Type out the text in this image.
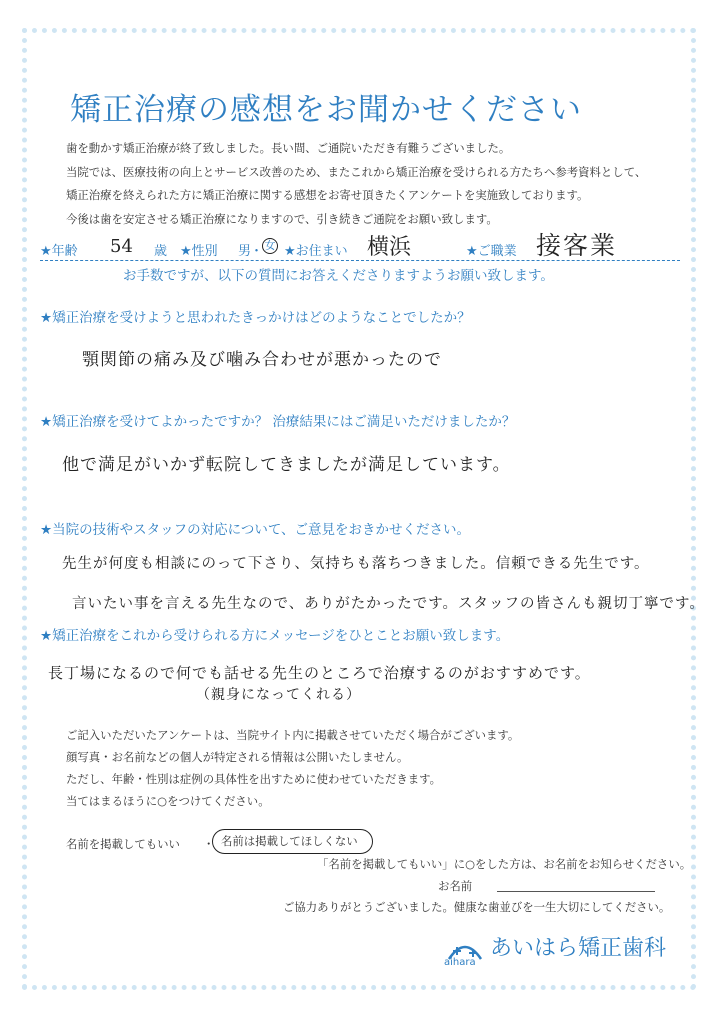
矯正治療の感想をお聞かせください
歯を動かす矯正治療が終了致しました。長い間、ご通院いただき有難うございました。
当院では、医療技術の向上とサービス改善のため、またこれから矯正治療を受けられる方たちへ参考資料として、
矯正治療を終えられた方に矯正治療に関する感想をお寄せ頂きたくアンケートを実施致しております。
今後は歯を安定させる矯正治療になりますので、引き続きご通院をお願い致します。
★年齢 54 歳 ★性別 男
・ 女 ★お住まい 横浜	★ご職業 接客業
お手数ですが、以下の質問にお答えくださりますようお願い致します。
★矯正治療を受けようと思われたきっかけはどのようなことでしたか？
顎関節の痛み及び噛み合わせが悪かったので
★矯正治療を受けてよかったですか？ 治療結果にはご満足いただけましたか？
他で満足がいかず転院してきましたが満足しています。
★当院の技術やスタッフの対応について、ご意見をおきかせください。
先生が何度も相談にのって下さり、気持ちも落ちつきました。信頼できる先生です。
言いたい事を言える先生なので、ありがたかったです。スタッフの皆さんも親切丁寧です。
★矯正治療をこれから受けられる方にメッセージをひとことお願い致します。
長丁場になるので何でも話せる先生のところで治療するのがおすすめです。
（親身になってくれる）
ご記入いただいたアンケートは、当院サイト内に掲載させていただく場合がございます。
顔写真・お名前などの個人が特定される情報は公開いたしません。
ただし、年齢・性別は症例の具体性を出すために使わせていただきます。
当てはまるほうに○をつけてください。
名前を掲載してもいい ・ 名前は掲載してほしくない
「名前を掲載してもいい」に○をした方は、お名前をお知らせください。
お名前
ご協力ありがとうございました。健康な歯並びを一生大切にしてください。
あいはら矯正歯科
aihara
